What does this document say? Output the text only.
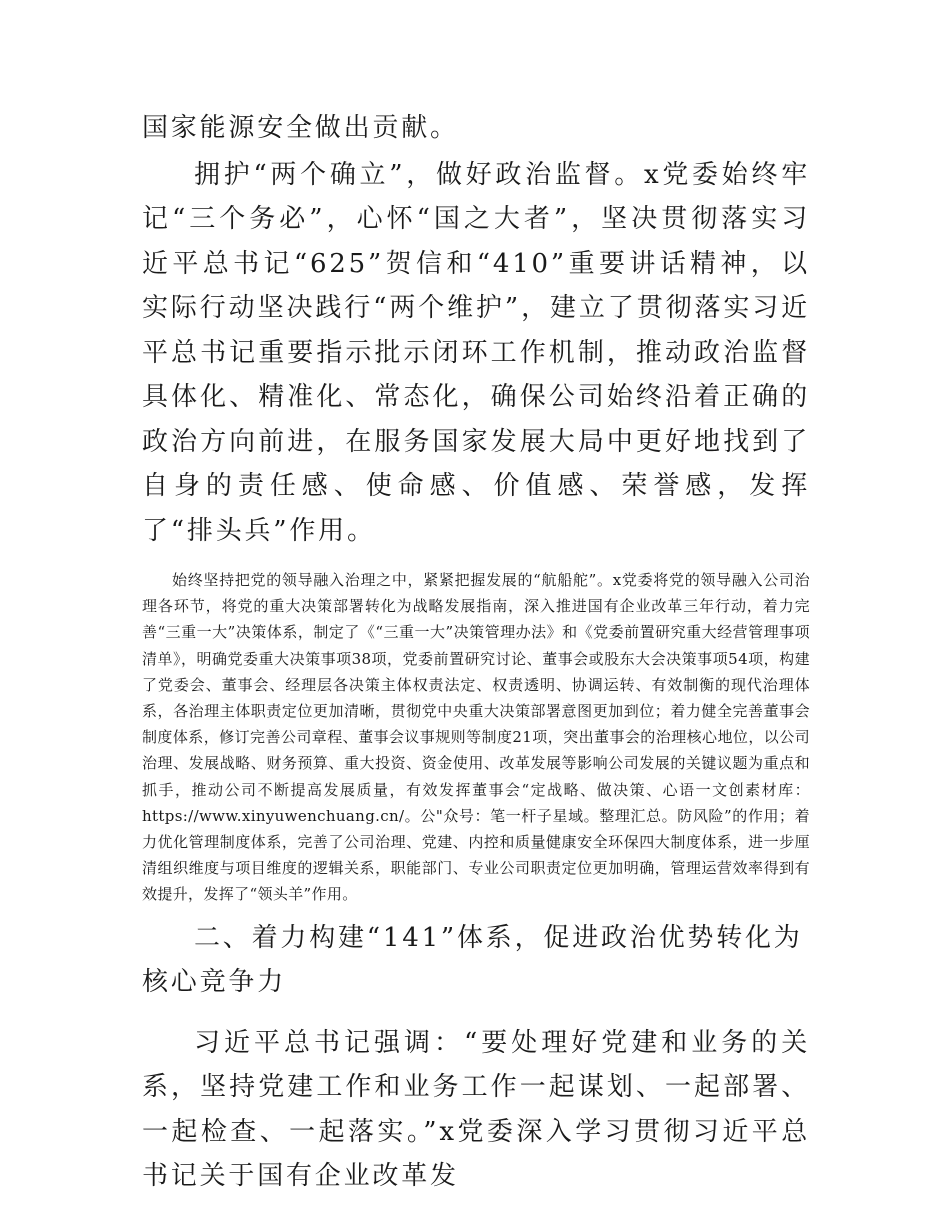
国家能源安全做出贡献。

拥护“两个确立”，做好政治监督。x党委始终牢记“三个务必”，心怀“国之大者”，坚决贯彻落实习近平总书记“625”贺信和“410”重要讲话精神，以实际行动坚决践行“两个维护”，建立了贯彻落实习近平总书记重要指示批示闭环工作机制，推动政治监督具体化、精准化、常态化，确保公司始终沿着正确的政治方向前进，在服务国家发展大局中更好地找到了自身的责任感、使命感、价值感、荣誉感，发挥了“排头兵”作用。

始终坚持把党的领导融入治理之中，紧紧把握发展的“航船舵”。x党委将党的领导融入公司治理各环节，将党的重大决策部署转化为战略发展指南，深入推进国有企业改革三年行动，着力完善“三重一大”决策体系，制定了《“三重一大”决策管理办法》和《党委前置研究重大经营管理事项清单》，明确党委重大决策事项38项，党委前置研究讨论、董事会或股东大会决策事项54项，构建了党委会、董事会、经理层各决策主体权责法定、权责透明、协调运转、有效制衡的现代治理体系，各治理主体职责定位更加清晰，贯彻党中央重大决策部署意图更加到位；着力健全完善董事会制度体系，修订完善公司章程、董事会议事规则等制度21项，突出董事会的治理核心地位，以公司治理、发展战略、财务预算、重大投资、资金使用、改革发展等影响公司发展的关键议题为重点和抓手，推动公司不断提高发展质量，有效发挥董事会“定战略、做决策、心语一文创素材库：https://www.xinyuwenchuang.cn/。公"众号：笔一杆子星域。整理汇总。防风险”的作用；着力优化管理制度体系，完善了公司治理、党建、内控和质量健康安全环保四大制度体系，进一步厘清组织维度与项目维度的逻辑关系，职能部门、专业公司职责定位更加明确，管理运营效率得到有效提升，发挥了“领头羊”作用。

二、着力构建“141”体系，促进政治优势转化为核心竞争力

习近平总书记强调：“要处理好党建和业务的关系，坚持党建工作和业务工作一起谋划、一起部署、一起检查、一起落实。”x党委深入学习贯彻习近平总书记关于国有企业改革发
